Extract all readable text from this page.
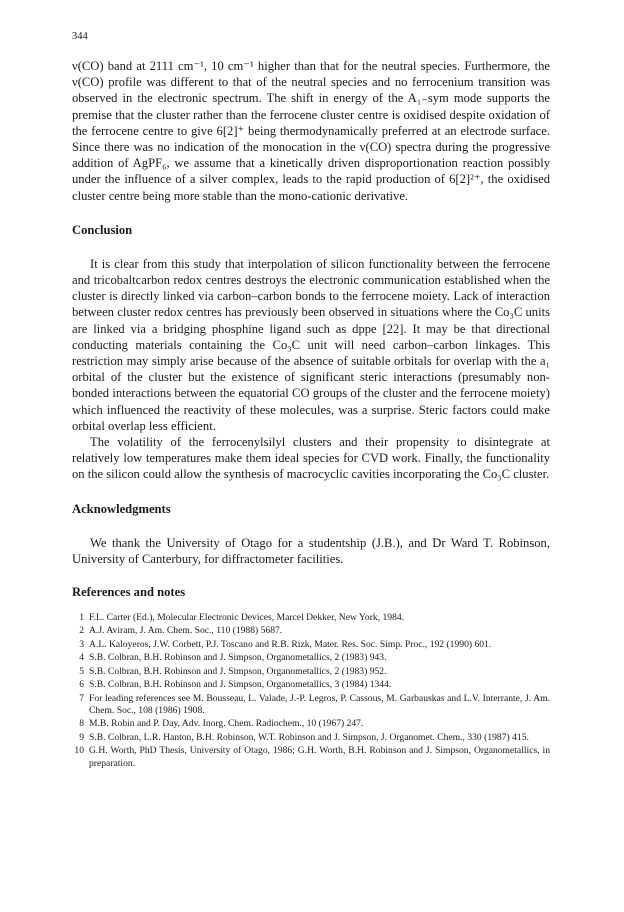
344

ν(CO) band at 2111 cm⁻¹, 10 cm⁻¹ higher than that for the neutral species. Furthermore, the ν(CO) profile was different to that of the neutral species and no ferrocenium transition was observed in the electronic spectrum. The shift in energy of the A₁₋sym mode supports the premise that the cluster rather than the ferrocene cluster centre is oxidised despite oxidation of the ferrocene centre to give 6[2]⁺ being thermodynamically preferred at an electrode surface. Since there was no indication of the monocation in the ν(CO) spectra during the progressive addition of AgPF₆, we assume that a kinetically driven disproportionation reaction possibly under the influence of a silver complex, leads to the rapid production of 6[2]²⁺, the oxidised cluster centre being more stable than the mono-cationic derivative.

Conclusion

It is clear from this study that interpolation of silicon functionality between the ferrocene and tricobaltcarbon redox centres destroys the electronic communication established when the cluster is directly linked via carbon–carbon bonds to the ferrocene moiety. Lack of interaction between cluster redox centres has previously been observed in situations where the Co₃C units are linked via a bridging phosphine ligand such as dppe [22]. It may be that directional conducting materials containing the Co₃C unit will need carbon–carbon linkages. This restriction may simply arise because of the absence of suitable orbitals for overlap with the a₁ orbital of the cluster but the existence of significant steric interactions (presumably non-bonded interactions between the equatorial CO groups of the cluster and the ferrocene moiety) which influenced the reactivity of these molecules, was a surprise. Steric factors could make orbital overlap less efficient.

The volatility of the ferrocenylsilyl clusters and their propensity to disintegrate at relatively low temperatures make them ideal species for CVD work. Finally, the functionality on the silicon could allow the synthesis of macrocyclic cavities incorporating the Co₃C cluster.

Acknowledgments

We thank the University of Otago for a studentship (J.B.), and Dr Ward T. Robinson, University of Canterbury, for diffractometer facilities.

References and notes
1 F.L. Carter (Ed.), Molecular Electronic Devices, Marcel Dekker, New York, 1984.
2 A.J. Aviram, J. Am. Chem. Soc., 110 (1988) 5687.
3 A.L. Kaloyeros, J.W. Corbett, P.J. Toscano and R.B. Rizk, Mater. Res. Soc. Simp. Proc., 192 (1990) 601.
4 S.B. Colbran, B.H. Robinson and J. Simpson, Organometallics, 2 (1983) 943.
5 S.B. Colbran, B.H. Robinson and J. Simpson, Organometallics, 2 (1983) 952.
6 S.B. Colbran, B.H. Robinson and J. Simpson, Organometallics, 3 (1984) 1344.
7 For leading references see M. Bousseau, L. Valade, J.-P. Legros, P. Cassous, M. Garbauskas and L.V. Interrante, J. Am. Chem. Soc., 108 (1986) 1908.
8 M.B. Robin and P. Day, Adv. Inorg. Chem. Radiochem., 10 (1967) 247.
9 S.B. Colbran, L.R. Hanton, B.H. Robinson, W.T. Robinson and J. Simpson, J. Organomet. Chem., 330 (1987) 415.
10 G.H. Worth, PhD Thesis, University of Otago, 1986; G.H. Worth, B.H. Robinson and J. Simpson, Organometallics, in preparation.
